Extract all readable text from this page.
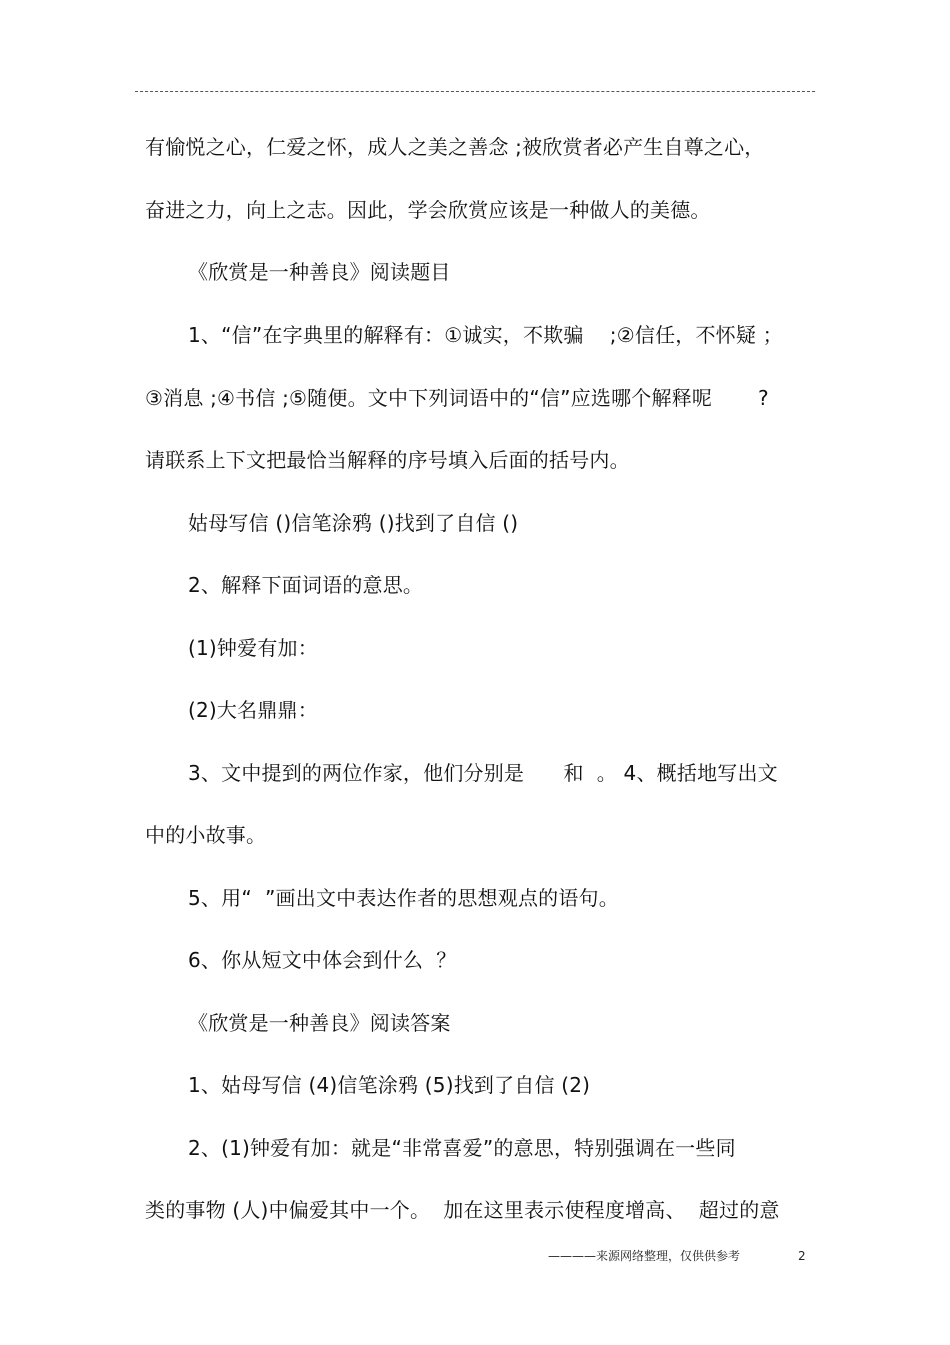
有愉悦之心，仁爱之怀，成人之美之善念 ;被欣赏者必产生自尊之心，
奋进之力，向上之志。因此，学会欣赏应该是一种做人的美德。
《欣赏是一种善良》阅读题目
1、“信”在字典里的解释有：①诚实，不欺骗    ;②信任，不怀疑 ；
③消息 ;④书信 ;⑤随便。文中下列词语中的“信”应选哪个解释呢       ?
请联系上下文把最恰当解释的序号填入后面的括号内。
姑母写信 ()信笔涂鸦 ()找到了自信 ()
2、解释下面词语的意思。
(1)钟爱有加：
(2)大名鼎鼎：
3、文中提到的两位作家，他们分别是      和  。 4、概括地写出文
中的小故事。
5、用“  ”画出文中表达作者的思想观点的语句。
6、你从短文中体会到什么  ？
《欣赏是一种善良》阅读答案
1、姑母写信 (4)信笔涂鸦 (5)找到了自信 (2)
2、(1)钟爱有加：就是“非常喜爱”的意思，特别强调在一些同
类的事物 (人)中偏爱其中一个。  加在这里表示使程度增高、  超过的意
————来源网络整理，仅供供参考	2
